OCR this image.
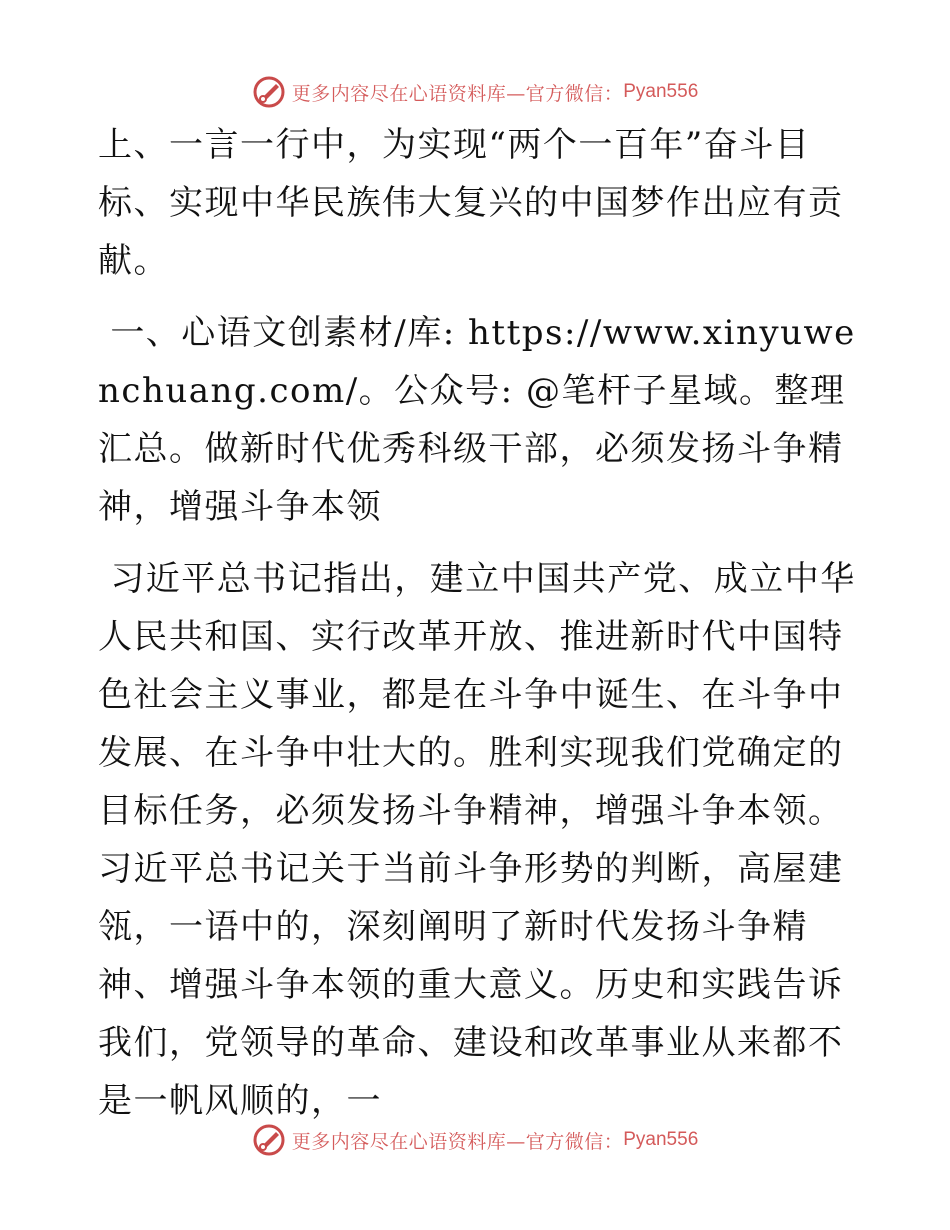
更多内容尽在心语资料库—官方微信： Pyan556

上、一言一行中，为实现“两个一百年”奋斗目标、实现中华民族伟大复兴的中国梦作出应有贡献。

一、心语文创素材/库: https://www.xinyuwenchuang.com/。公众号: @笔杆子星域。整理汇总。做新时代优秀科级干部，必须发扬斗争精神，增强斗争本领

习近平总书记指出，建立中国共产党、成立中华人民共和国、实行改革开放、推进新时代中国特色社会主义事业，都是在斗争中诞生、在斗争中发展、在斗争中壮大的。胜利实现我们党确定的目标任务，必须发扬斗争精神，增强斗争本领。习近平总书记关于当前斗争形势的判断，高屋建瓴，一语中的，深刻阐明了新时代发扬斗争精神、增强斗争本领的重大意义。历史和实践告诉我们，党领导的革命、建设和改革事业从来都不是一帆风顺的，一

更多内容尽在心语资料库—官方微信： Pyan556
